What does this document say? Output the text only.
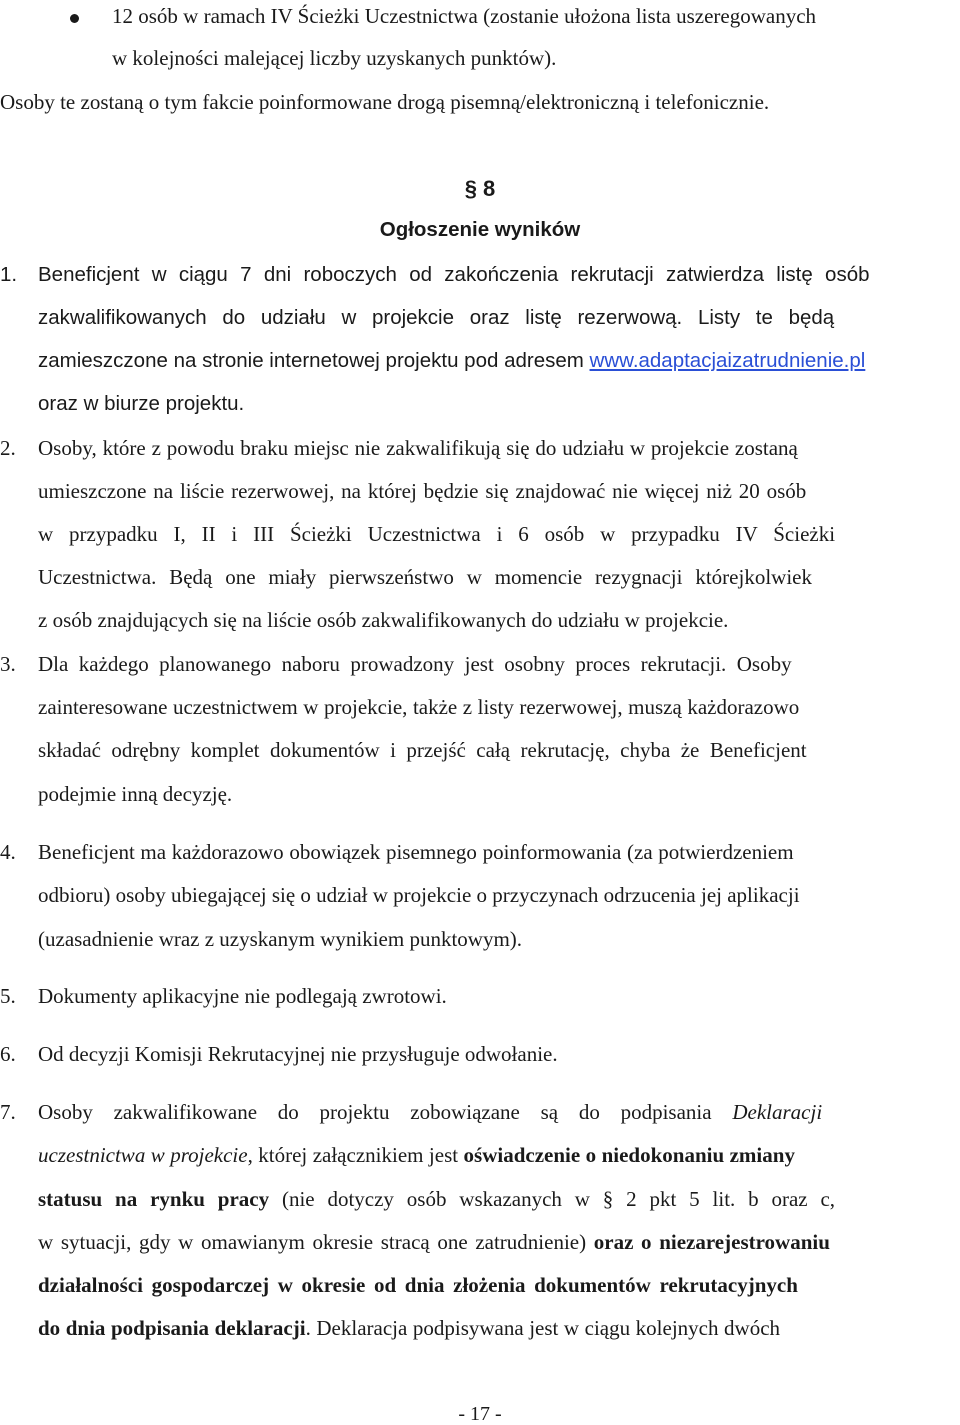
12 osób w ramach IV Ścieżki Uczestnictwa (zostanie ułożona lista uszeregowanych
w kolejności malejącej liczby uzyskanych punktów).
Osoby te zostaną o tym fakcie poinformowane drogą pisemną/elektroniczną i telefonicznie.
§ 8
Ogłoszenie wyników
1. Beneficjent w ciągu 7 dni roboczych od zakończenia rekrutacji zatwierdza listę osób
zakwalifikowanych do udziału w projekcie oraz listę rezerwową. Listy te będą
zamieszczone na stronie internetowej projektu pod adresem www.adaptacjaizatrudnienie.pl
oraz w biurze projektu.
2. Osoby, które z powodu braku miejsc nie zakwalifikują się do udziału w projekcie zostaną
umieszczone na liście rezerwowej, na której będzie się znajdować nie więcej niż 20 osób
w przypadku I, II i III Ścieżki Uczestnictwa i 6 osób w przypadku IV Ścieżki
Uczestnictwa. Będą one miały pierwszeństwo w momencie rezygnacji którejkolwiek
z osób znajdujących się na liście osób zakwalifikowanych do udziału w projekcie.
3. Dla każdego planowanego naboru prowadzony jest osobny proces rekrutacji. Osoby
zainteresowane uczestnictwem w projekcie, także z listy rezerwowej, muszą każdorazowo
składać odrębny komplet dokumentów i przejść całą rekrutację, chyba że Beneficjent
podejmie inną decyzję.
4. Beneficjent ma każdorazowo obowiązek pisemnego poinformowania (za potwierdzeniem
odbioru) osoby ubiegającej się o udział w projekcie o przyczynach odrzucenia jej aplikacji
(uzasadnienie wraz z uzyskanym wynikiem punktowym).
5. Dokumenty aplikacyjne nie podlegają zwrotowi.
6. Od decyzji Komisji Rekrutacyjnej nie przysługuje odwołanie.
7. Osoby zakwalifikowane do projektu zobowiązane są do podpisania Deklaracji
uczestnictwa w projekcie, której załącznikiem jest oświadczenie o niedokonaniu zmiany
statusu na rynku pracy (nie dotyczy osób wskazanych w § 2 pkt 5 lit. b oraz c,
w sytuacji, gdy w omawianym okresie stracą one zatrudnienie) oraz o niezarejestrowaniu
działalności gospodarczej w okresie od dnia złożenia dokumentów rekrutacyjnych
do dnia podpisania deklaracji. Deklaracja podpisywana jest w ciągu kolejnych dwóch
- 17 -
